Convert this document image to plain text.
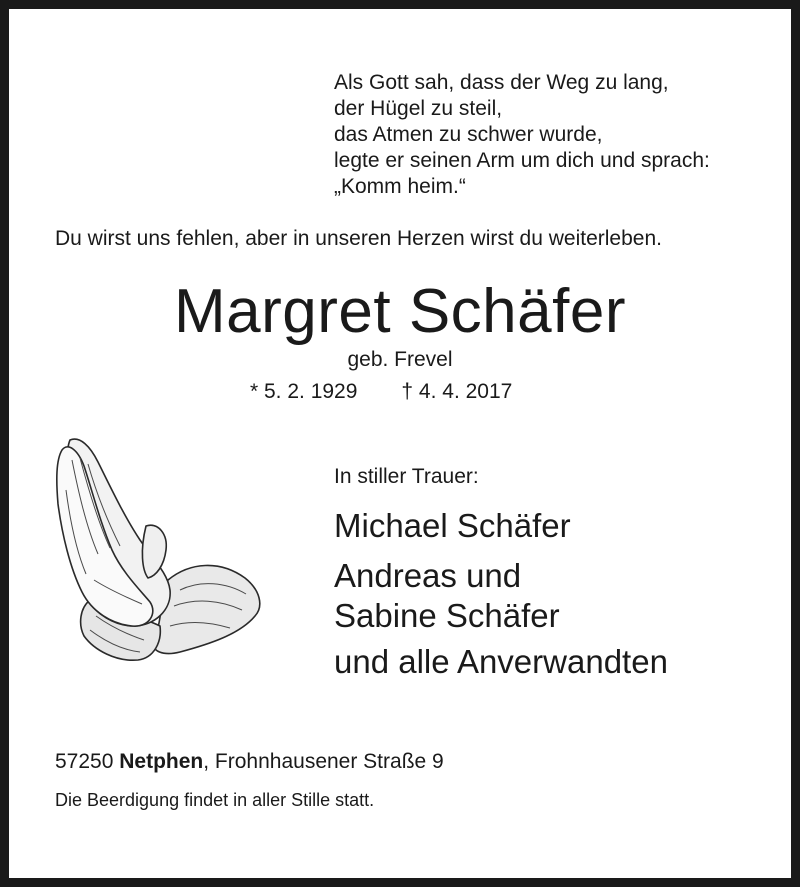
Als Gott sah, dass der Weg zu lang,
der Hügel zu steil,
das Atmen zu schwer wurde,
legte er seinen Arm um dich und sprach:
„Komm heim.“
Du wirst uns fehlen, aber in unseren Herzen wirst du weiterleben.
Margret Schäfer
geb. Frevel
* 5. 2. 1929 † 4. 4. 2017
In stiller Trauer:
Michael Schäfer
Andreas und
Sabine Schäfer
und alle Anverwandten
57250 Netphen, Frohnhausener Straße 9
Die Beerdigung findet in aller Stille statt.
